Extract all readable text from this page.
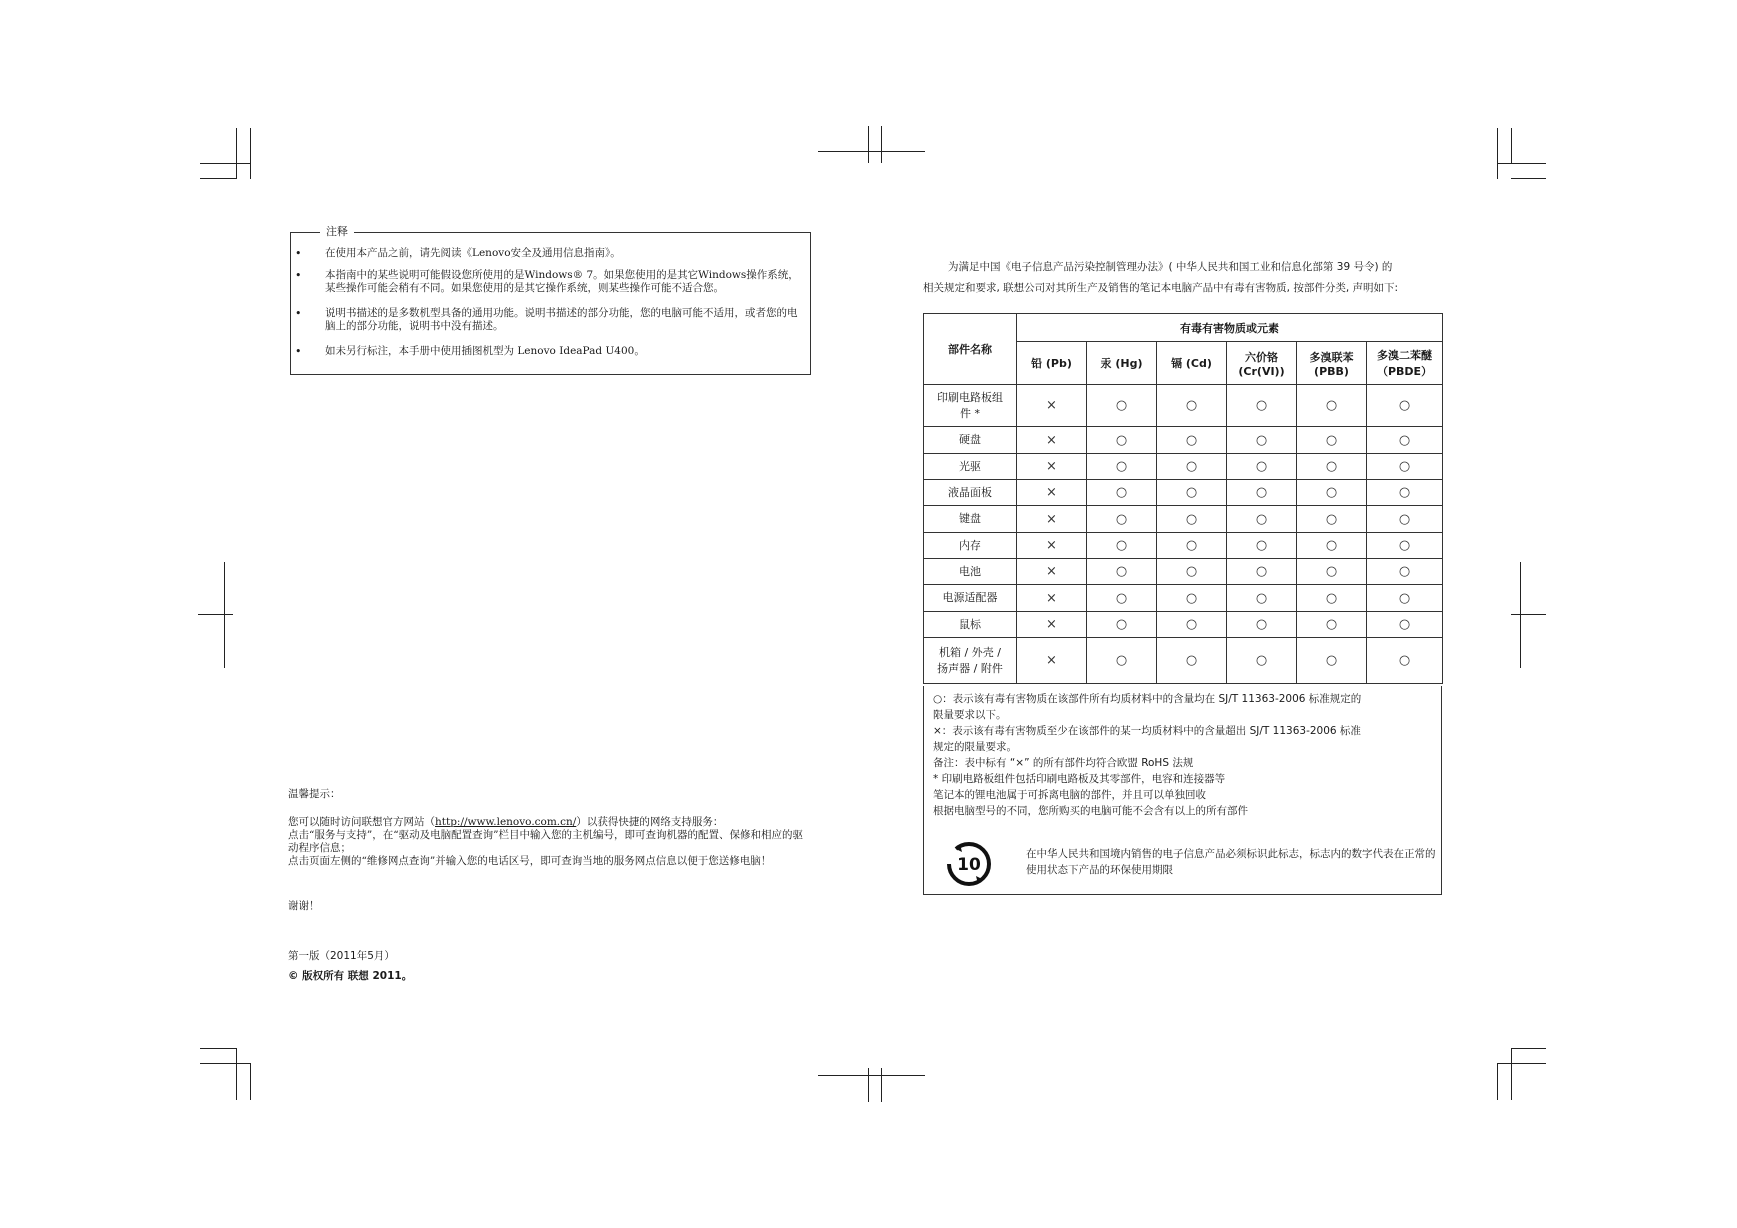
注释
• 在使用本产品之前，请先阅读《Lenovo安全及通用信息指南》。
• 本指南中的某些说明可能假设您所使用的是Windows® 7。如果您使用的是其它Windows操作系统，某些操作可能会稍有不同。如果您使用的是其它操作系统，则某些操作可能不适合您。
• 说明书描述的是多数机型具备的通用功能。说明书描述的部分功能，您的电脑可能不适用，或者您的电脑上的部分功能，说明书中没有描述。
• 如未另行标注，本手册中使用插图机型为 Lenovo IdeaPad U400。
温馨提示：
您可以随时访问联想官方网站（http://www.lenovo.com.cn/）以获得快捷的网络支持服务：
点击“服务与支持”，在“驱动及电脑配置查询”栏目中输入您的主机编号，即可查询机器的配置、保修和相应的驱动程序信息；
点击页面左侧的“维修网点查询”并输入您的电话区号，即可查询当地的服务网点信息以便于您送修电脑！
谢谢！
第一版（2011年5月）
© 版权所有 联想 2011。
为满足中国《电子信息产品污染控制管理办法》( 中华人民共和国工业和信息化部第 39 号令) 的
相关规定和要求, 联想公司对其所生产及销售的笔记本电脑产品中有毒有害物质, 按部件分类, 声明如下:
部件名称	有毒有害物质或元素					
	铅 (Pb)	汞 (Hg)	镉 (Cd)	六价铬 (Cr(VI))	多溴联苯 (PBB)	多溴二苯醚 （PBDE）
印刷电路板组件 *	×	○	○	○	○	○
硬盘	×	○	○	○	○	○
光驱	×	○	○	○	○	○
液晶面板	×	○	○	○	○	○
键盘	×	○	○	○	○	○
内存	×	○	○	○	○	○
电池	×	○	○	○	○	○
电源适配器	×	○	○	○	○	○
鼠标	×	○	○	○	○	○
机箱 / 外壳 / 扬声器 / 附件	×	○	○	○	○	○
○：表示该有毒有害物质在该部件所有均质材料中的含量均在 SJ/T 11363-2006 标准规定的
限量要求以下。
×：表示该有毒有害物质至少在该部件的某一均质材料中的含量超出 SJ/T 11363-2006 标准
规定的限量要求。
备注：表中标有 “×” 的所有部件均符合欧盟 RoHS 法规
* 印刷电路板组件包括印刷电路板及其零部件，电容和连接器等
笔记本的锂电池属于可拆离电脑的部件，并且可以单独回收
根据电脑型号的不同，您所购买的电脑可能不会含有以上的所有部件
10
在中华人民共和国境内销售的电子信息产品必须标识此标志，标志内的数字代表在正常的使用状态下产品的环保使用期限
